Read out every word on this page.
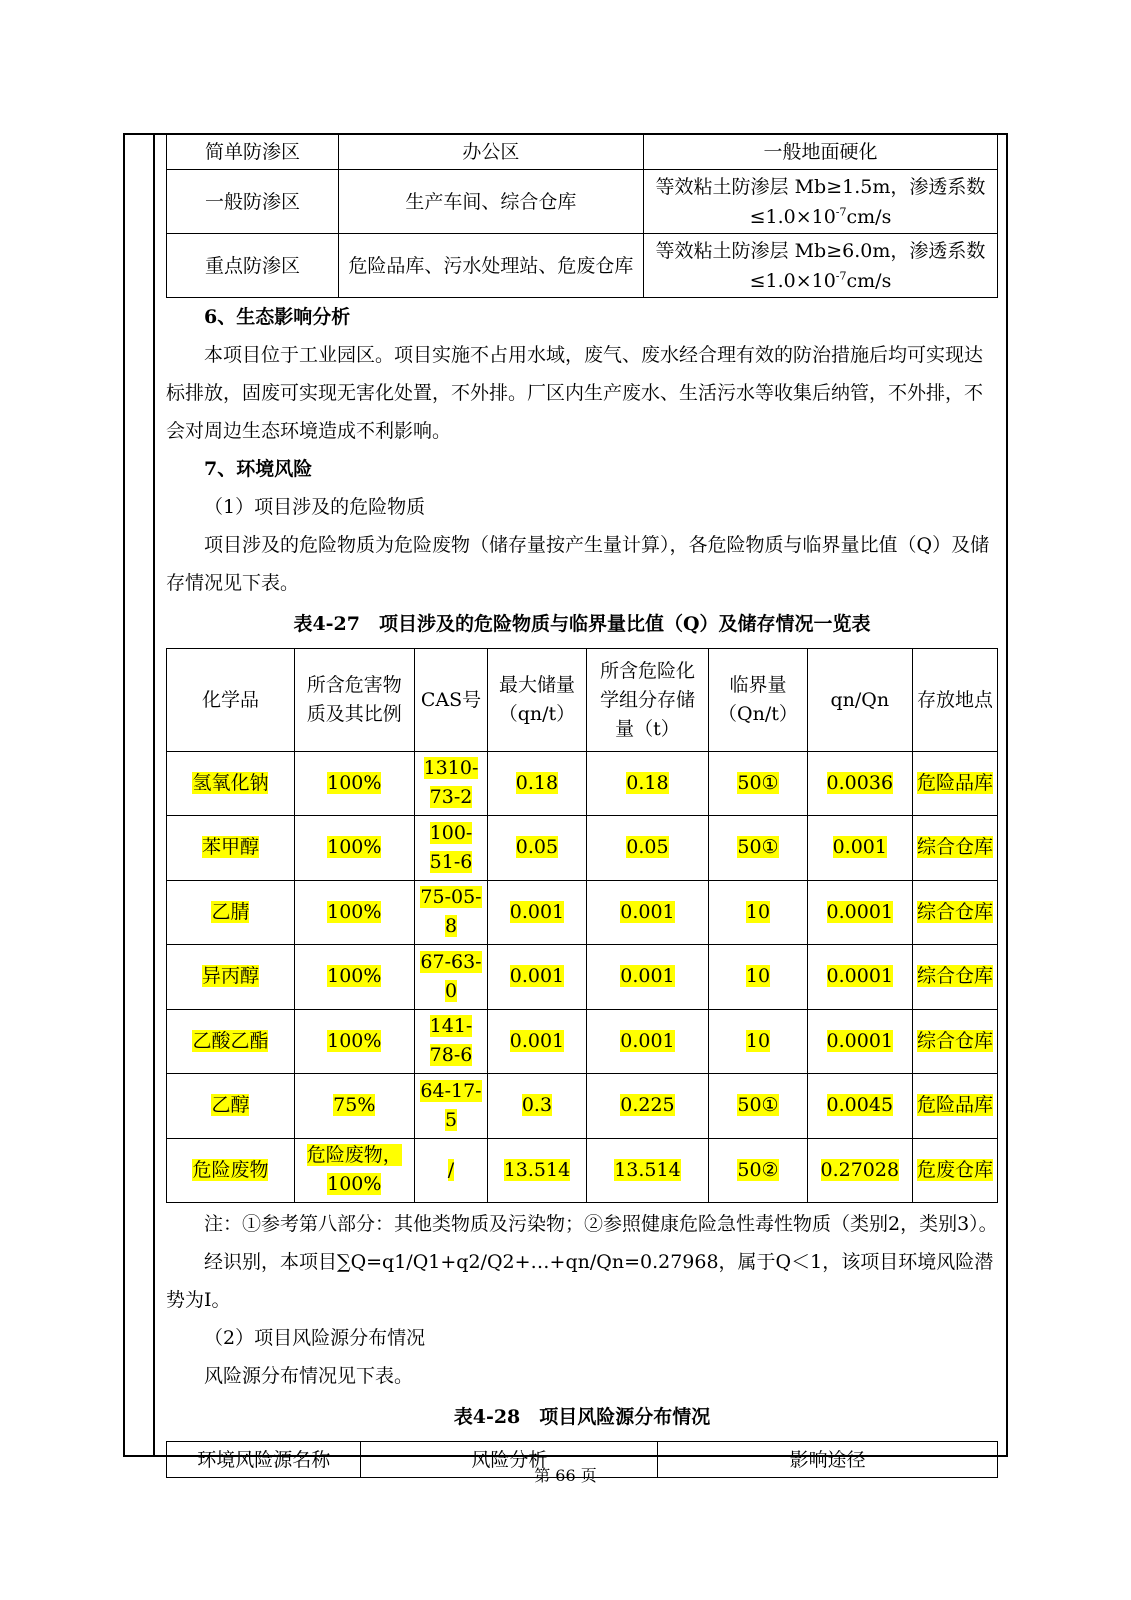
简单防渗区	办公区	一般地面硬化
一般防渗区	生产车间、综合仓库	等效粘土防渗层 Mb≥1.5m，渗透系数
$\le 1.0\times 10^{-7}cm/s$

重点防渗区	危险品库、污水处理站、危废仓库	等效粘土防渗层 Mb≥6.0m，渗透系数
$\le 1.0\times 10^{-7}cm/s$

6、生态影响分析

本项目位于工业园区。项目实施不占用水域，废气、废水经合理有效的防治措施后均可实现达标排放，固废可实现无害化处置，不外排。厂区内生产废水、生活污水等收集后纳管，不外排，不会对周边生态环境造成不利影响。

7、环境风险

（1）项目涉及的危险物质

项目涉及的危险物质为危险废物（储存量按产生量计算），各危险物质与临界量比值（Q）及储存情况见下表。

表4-27　项目涉及的危险物质与临界量比值（Q）及储存情况一览表
化学品	所含危害物质及其比例	CAS号	最大储量（qn/t）	所含危险化学组分存储量（t）	临界量（Qn/t）	qn/Qn	存放地点
氢氧化钠	100%	1310-73-2	0.18	0.18	50①	0.0036	危险品库
苯甲醇	100%	100-51-6	0.05	0.05	50①	0.001	综合仓库
乙腈	100%	75-05-8	0.001	0.001	10	0.0001	综合仓库
异丙醇	100%	67-63-0	0.001	0.001	10	0.0001	综合仓库
乙酸乙酯	100%	141-78-6	0.001	0.001	10	0.0001	综合仓库
乙醇	75%	64-17-5	0.3	0.225	50①	0.0045	危险品库
危险废物	危险废物，100%	/	13.514	13.514	50②	0.27028	危废仓库

注：①参考第八部分：其他类物质及污染物；②参照健康危险急性毒性物质（类别2，类别3）。

经识别，本项目∑Q=q1/Q1+q2/Q2+…+qn/Qn=0.27968，属于Q＜1，该项目环境风险潜势为I。

（2）项目风险源分布情况

风险源分布情况见下表。

表4-28　项目风险源分布情况
环境风险源名称	风险分析	影响途径
第 66 页
